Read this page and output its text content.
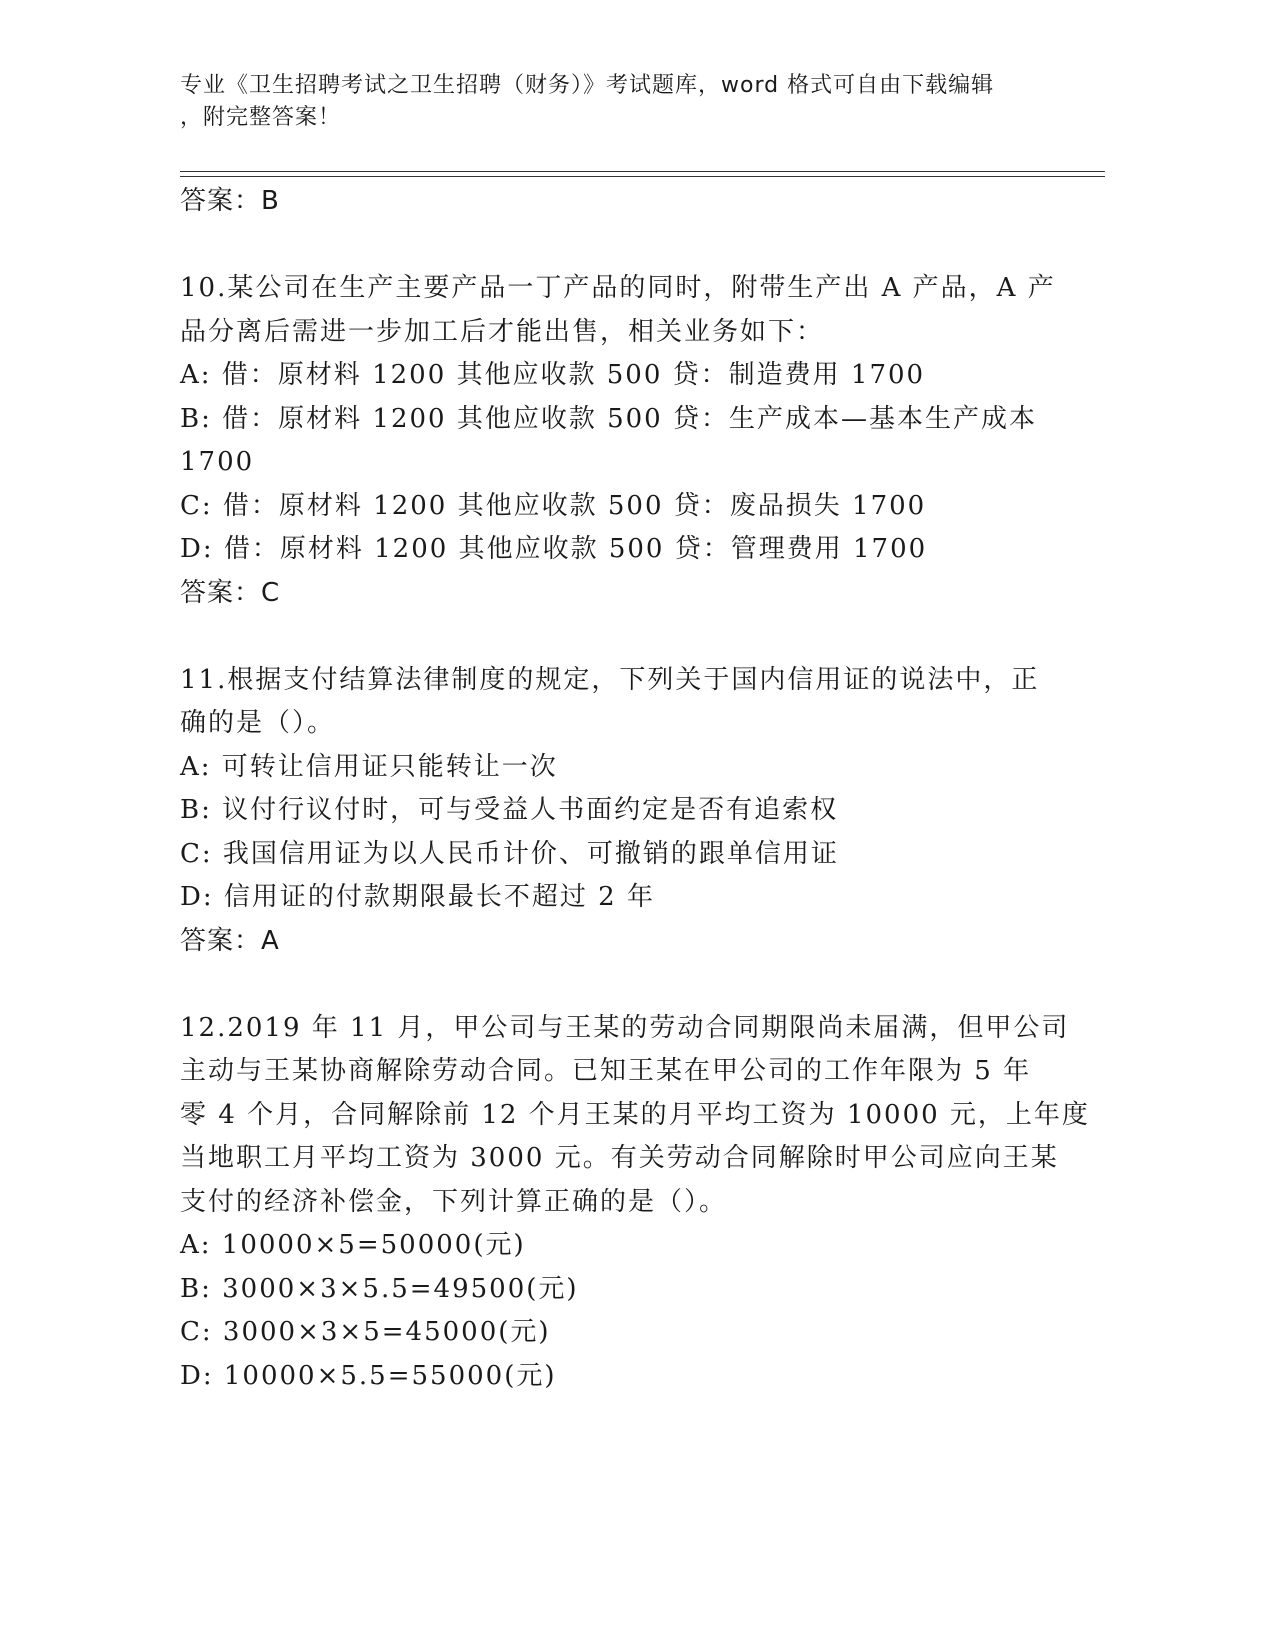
专业《卫生招聘考试之卫生招聘（财务）》考试题库，word 格式可自由下载编辑
，附完整答案！

答案：B

10.某公司在生产主要产品一丁产品的同时，附带生产出 A 产品，A 产

品分离后需进一步加工后才能出售，相关业务如下：

A: 借：原材料 1200 其他应收款 500 贷：制造费用 1700

B: 借：原材料 1200 其他应收款 500 贷：生产成本—基本生产成本

1700

C: 借：原材料 1200 其他应收款 500 贷：废品损失 1700

D: 借：原材料 1200 其他应收款 500 贷：管理费用 1700

答案：C

11.根据支付结算法律制度的规定，下列关于国内信用证的说法中，正

确的是（）。

A: 可转让信用证只能转让一次

B: 议付行议付时，可与受益人书面约定是否有追索权

C: 我国信用证为以人民币计价、可撤销的跟单信用证

D: 信用证的付款期限最长不超过 2 年

答案：A

12.2019 年 11 月，甲公司与王某的劳动合同期限尚未届满，但甲公司

主动与王某协商解除劳动合同。已知王某在甲公司的工作年限为 5 年

零 4 个月，合同解除前 12 个月王某的月平均工资为 10000 元，上年度

当地职工月平均工资为 3000 元。有关劳动合同解除时甲公司应向王某

支付的经济补偿金，下列计算正确的是（）。

A: 10000×5=50000(元)

B: 3000×3×5.5=49500(元)

C: 3000×3×5=45000(元)

D: 10000×5.5=55000(元)
